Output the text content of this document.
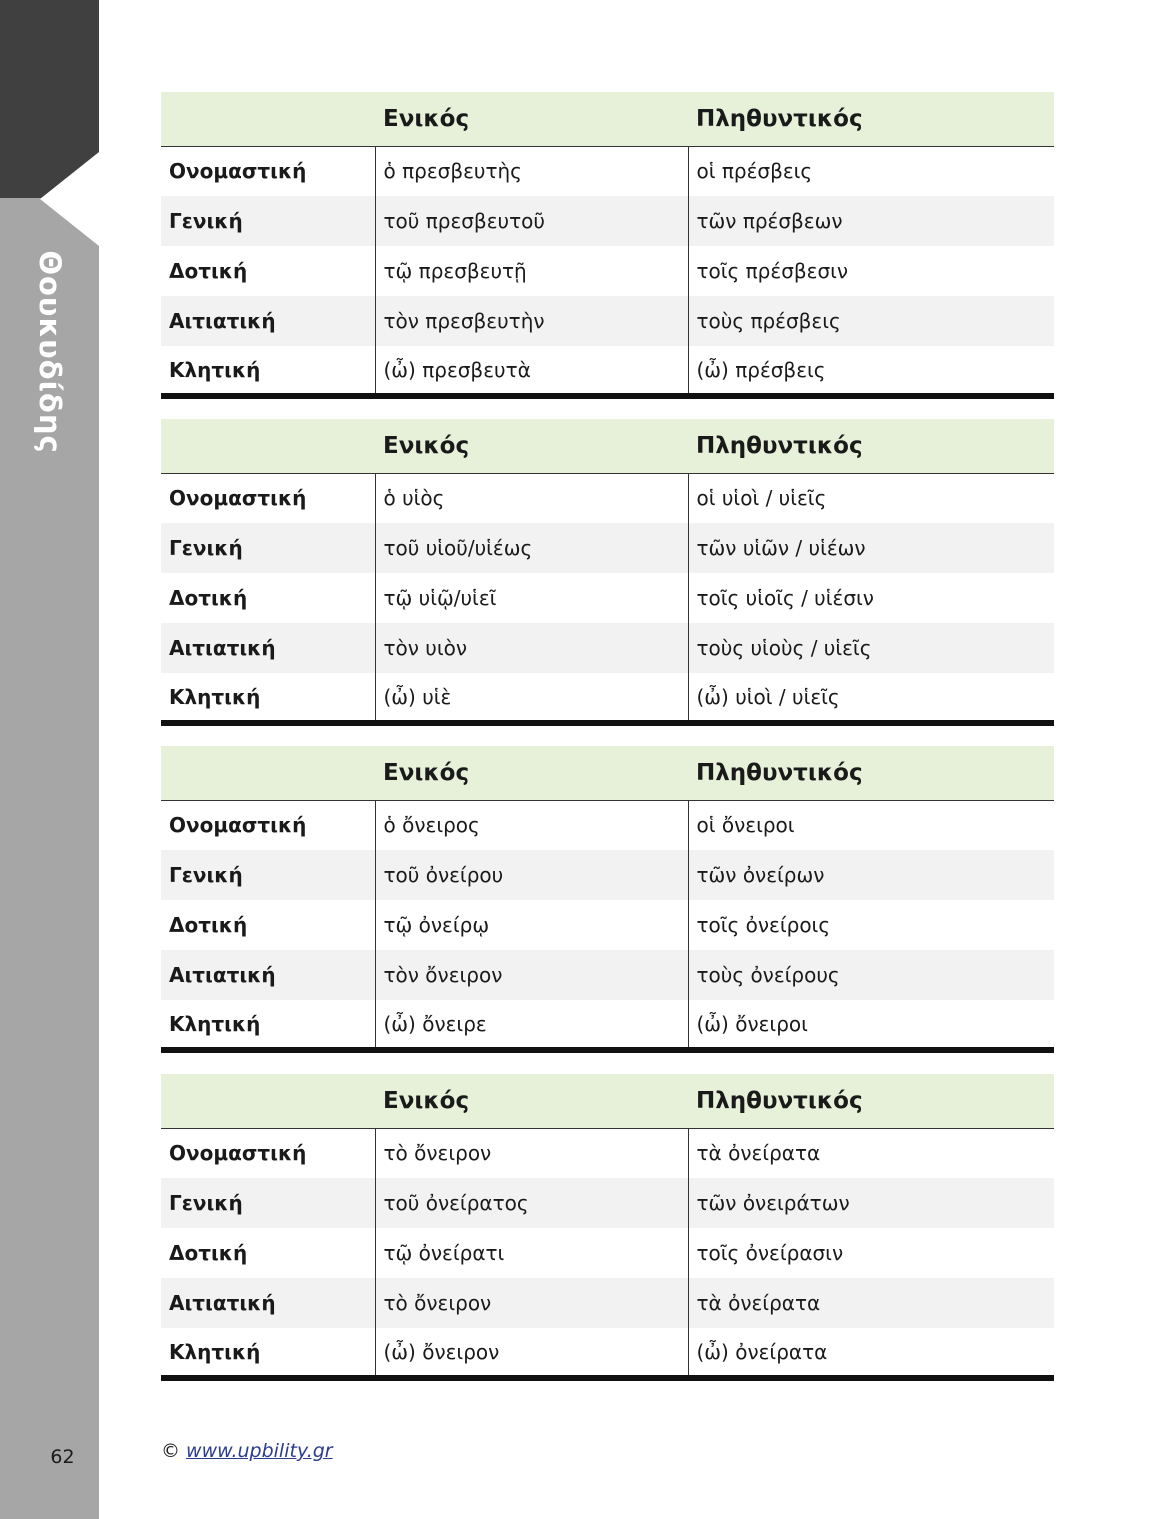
Θουκυδίδης
62
	Ενικός	Πληθυντικός
Ονομαστική	ὁ πρεσβευτὴς	οἱ πρέσβεις
Γενική	τοῦ πρεσβευτοῦ	τῶν πρέσβεων
Δοτική	τῷ πρεσβευτῇ	τοῖς πρέσβεσιν
Αιτιατική	τὸν πρεσβευτὴν	τοὺς πρέσβεις
Κλητική	(ὦ) πρεσβευτὰ	(ὦ) πρέσβεις
	Ενικός	Πληθυντικός
Ονομαστική	ὁ υἱὸς	οἱ υἱοὶ / υἱεῖς
Γενική	τοῦ υἱοῦ/υἱέως	τῶν υἱῶν / υἱέων
Δοτική	τῷ υἱῷ/υἱεῖ	τοῖς υἱοῖς / υἱέσιν
Αιτιατική	τὸν υιὸν	τοὺς υἱοὺς / υἱεῖς
Κλητική	(ὦ) υἱὲ	(ὦ) υἱοὶ / υἱεῖς
	Ενικός	Πληθυντικός
Ονομαστική	ὁ ὄνειρος	οἱ ὄνειροι
Γενική	τοῦ ὀνείρου	τῶν ὀνείρων
Δοτική	τῷ ὀνείρῳ	τοῖς ὀνείροις
Αιτιατική	τὸν ὄνειρον	τοὺς ὀνείρους
Κλητική	(ὦ) ὄνειρε	(ὦ) ὄνειροι
	Ενικός	Πληθυντικός
Ονομαστική	τὸ ὄνειρον	τὰ ὀνείρατα
Γενική	τοῦ ὀνείρατος	τῶν ὀνειράτων
Δοτική	τῷ ὀνείρατι	τοῖς ὀνείρασιν
Αιτιατική	τὸ ὄνειρον	τὰ ὀνείρατα
Κλητική	(ὦ) ὄνειρον	(ὦ) ὀνείρατα
© www.upbility.gr
